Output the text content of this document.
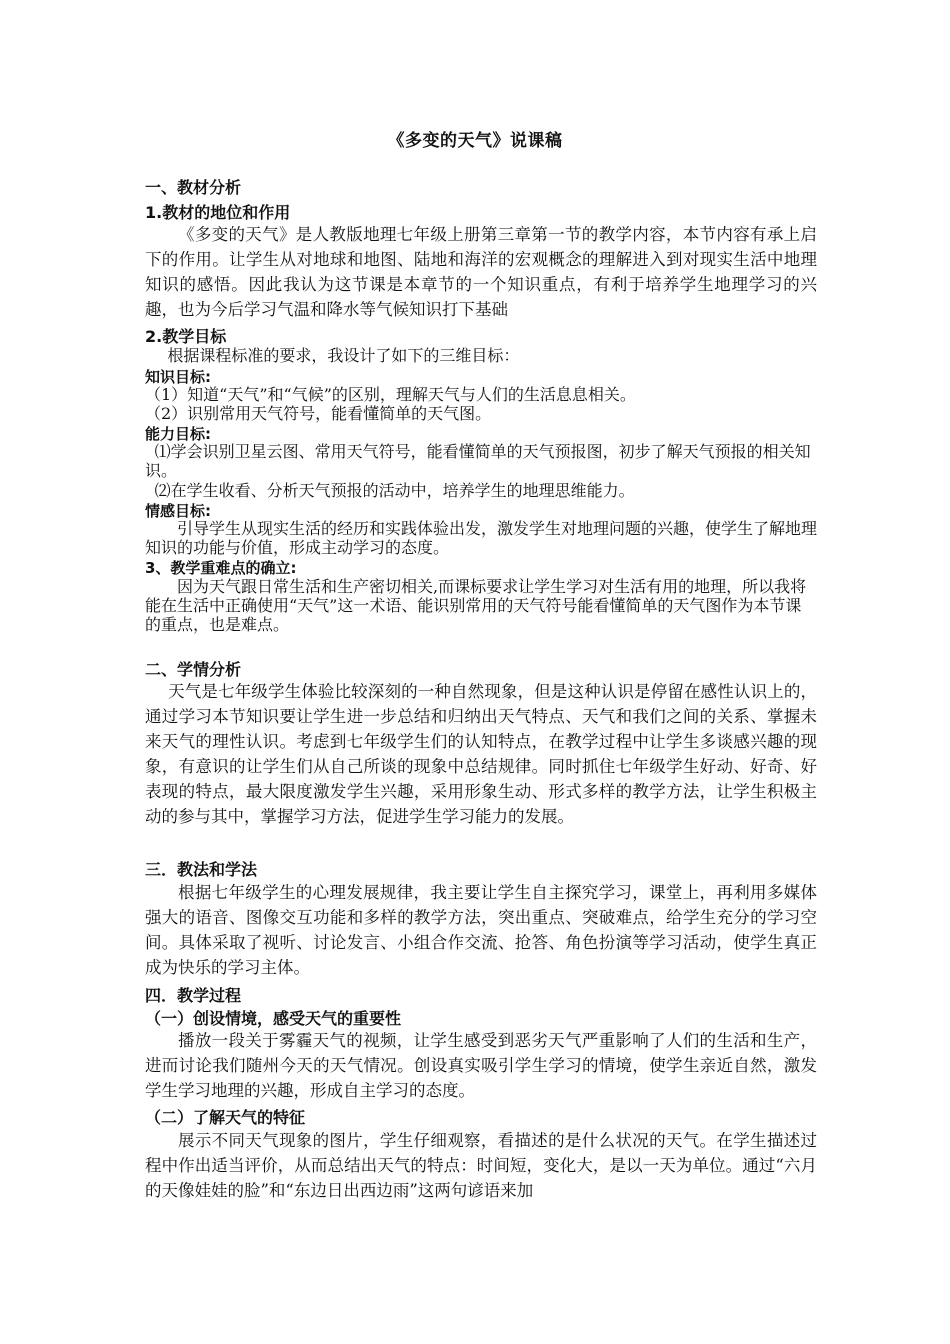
《多变的天气》说课稿
一、教材分析
1.教材的地位和作用
《多变的天气》是人教版地理七年级上册第三章第一节的教学内容，本节内容有承上启下的作用。让学生从对地球和地图、陆地和海洋的宏观概念的理解进入到对现实生活中地理知识的感悟。因此我认为这节课是本章节的一个知识重点，有利于培养学生地理学习的兴趣，也为今后学习气温和降水等气候知识打下基础
2.教学目标
根据课程标准的要求，我设计了如下的三维目标：
知识目标:
（1）知道“天气”和“气候”的区别，理解天气与人们的生活息息相关。
（2）识别常用天气符号，能看懂简单的天气图。
能力目标:
⑴学会识别卫星云图、常用天气符号，能看懂简单的天气预报图，初步了解天气预报的相关知识。
⑵在学生收看、分析天气预报的活动中，培养学生的地理思维能力。
情感目标:
引导学生从现实生活的经历和实践体验出发，激发学生对地理问题的兴趣，使学生了解地理知识的功能与价值，形成主动学习的态度。
3、教学重难点的确立:
因为天气跟日常生活和生产密切相关,而课标要求让学生学习对生活有用的地理，所以我将能在生活中正确使用“天气”这一术语、能识别常用的天气符号能看懂简单的天气图作为本节课的重点，也是难点。
二、学情分析
天气是七年级学生体验比较深刻的一种自然现象，但是这种认识是停留在感性认识上的，通过学习本节知识要让学生进一步总结和归纳出天气特点、天气和我们之间的关系、掌握未来天气的理性认识。考虑到七年级学生们的认知特点，在教学过程中让学生多谈感兴趣的现象，有意识的让学生们从自己所谈的现象中总结规律。同时抓住七年级学生好动、好奇、好表现的特点，最大限度激发学生兴趣，采用形象生动、形式多样的教学方法，让学生积极主动的参与其中，掌握学习方法，促进学生学习能力的发展。
三．教法和学法
根据七年级学生的心理发展规律，我主要让学生自主探究学习，课堂上，再利用多媒体强大的语音、图像交互功能和多样的教学方法，突出重点、突破难点，给学生充分的学习空间。具体采取了视听、讨论发言、小组合作交流、抢答、角色扮演等学习活动，使学生真正成为快乐的学习主体。
四．教学过程
（一）创设情境，感受天气的重要性
播放一段关于雾霾天气的视频，让学生感受到恶劣天气严重影响了人们的生活和生产，进而讨论我们随州今天的天气情况。创设真实吸引学生学习的情境，使学生亲近自然，激发学生学习地理的兴趣，形成自主学习的态度。
（二）了解天气的特征
展示不同天气现象的图片，学生仔细观察，看描述的是什么状况的天气。在学生描述过程中作出适当评价，从而总结出天气的特点：时间短，变化大，是以一天为单位。通过“六月的天像娃娃的脸”和“东边日出西边雨”这两句谚语来加
